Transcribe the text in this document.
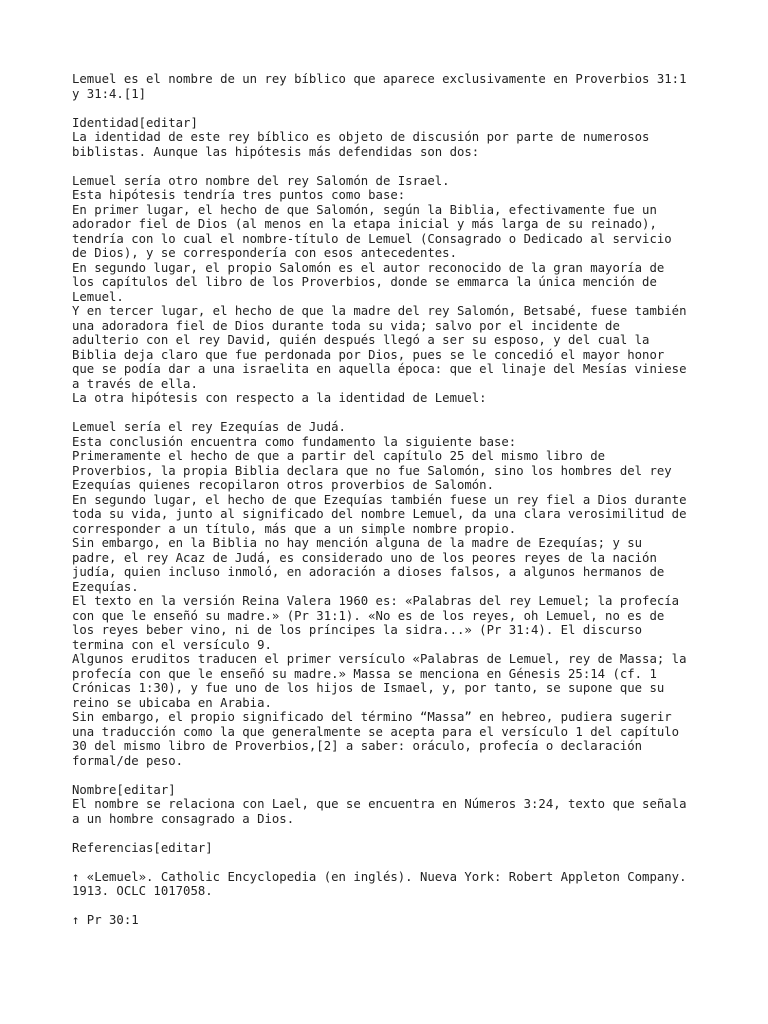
Lemuel es el nombre de un rey bíblico que aparece exclusivamente en Proverbios 31:1
y 31:4.[1]
Identidad[editar]
La identidad de este rey bíblico es objeto de discusión por parte de numerosos
biblistas. Aunque las hipótesis más defendidas son dos:
Lemuel sería otro nombre del rey Salomón de Israel.
Esta hipótesis tendría tres puntos como base:
En primer lugar, el hecho de que Salomón, según la Biblia, efectivamente fue un
adorador fiel de Dios (al menos en la etapa inicial y más larga de su reinado),
tendría con lo cual el nombre-título de Lemuel (Consagrado o Dedicado al servicio
de Dios), y se correspondería con esos antecedentes.
En segundo lugar, el propio Salomón es el autor reconocido de la gran mayoría de
los capítulos del libro de los Proverbios, donde se emmarca la única mención de
Lemuel.
Y en tercer lugar, el hecho de que la madre del rey Salomón, Betsabé, fuese también
una adoradora fiel de Dios durante toda su vida; salvo por el incidente de
adulterio con el rey David, quién después llegó a ser su esposo, y del cual la
Biblia deja claro que fue perdonada por Dios, pues se le concedió el mayor honor
que se podía dar a una israelita en aquella época: que el linaje del Mesías viniese
a través de ella.
La otra hipótesis con respecto a la identidad de Lemuel:
Lemuel sería el rey Ezequías de Judá.
Esta conclusión encuentra como fundamento la siguiente base:
Primeramente el hecho de que a partir del capítulo 25 del mismo libro de
Proverbios, la propia Biblia declara que no fue Salomón, sino los hombres del rey
Ezequías quienes recopilaron otros proverbios de Salomón.
En segundo lugar, el hecho de que Ezequías también fuese un rey fiel a Dios durante
toda su vida, junto al significado del nombre Lemuel, da una clara verosimilitud de
corresponder a un título, más que a un simple nombre propio.
Sin embargo, en la Biblia no hay mención alguna de la madre de Ezequías; y su
padre, el rey Acaz de Judá, es considerado uno de los peores reyes de la nación
judía, quien incluso inmoló, en adoración a dioses falsos, a algunos hermanos de
Ezequías.
El texto en la versión Reina Valera 1960 es: «Palabras del rey Lemuel; la profecía
con que le enseñó su madre.» (Pr 31:1). «No es de los reyes, oh Lemuel, no es de
los reyes beber vino, ni de los príncipes la sidra...» (Pr 31:4). El discurso
termina con el versículo 9.
Algunos eruditos traducen el primer versículo «Palabras de Lemuel, rey de Massa; la
profecía con que le enseñó su madre.» Massa se menciona en Génesis 25:14 (cf. 1
Crónicas 1:30), y fue uno de los hijos de Ismael, y, por tanto, se supone que su
reino se ubicaba en Arabia.
Sin embargo, el propio significado del término “Massa” en hebreo, pudiera sugerir
una traducción como la que generalmente se acepta para el versículo 1 del capítulo
30 del mismo libro de Proverbios,[2] a saber: oráculo, profecía o declaración
formal/de peso.
Nombre[editar]
El nombre se relaciona con Lael, que se encuentra en Números 3:24, texto que señala
a un hombre consagrado a Dios.
Referencias[editar]
↑ «Lemuel». Catholic Encyclopedia (en inglés). Nueva York: Robert Appleton Company.
1913. OCLC 1017058.
↑ Pr 30:1
